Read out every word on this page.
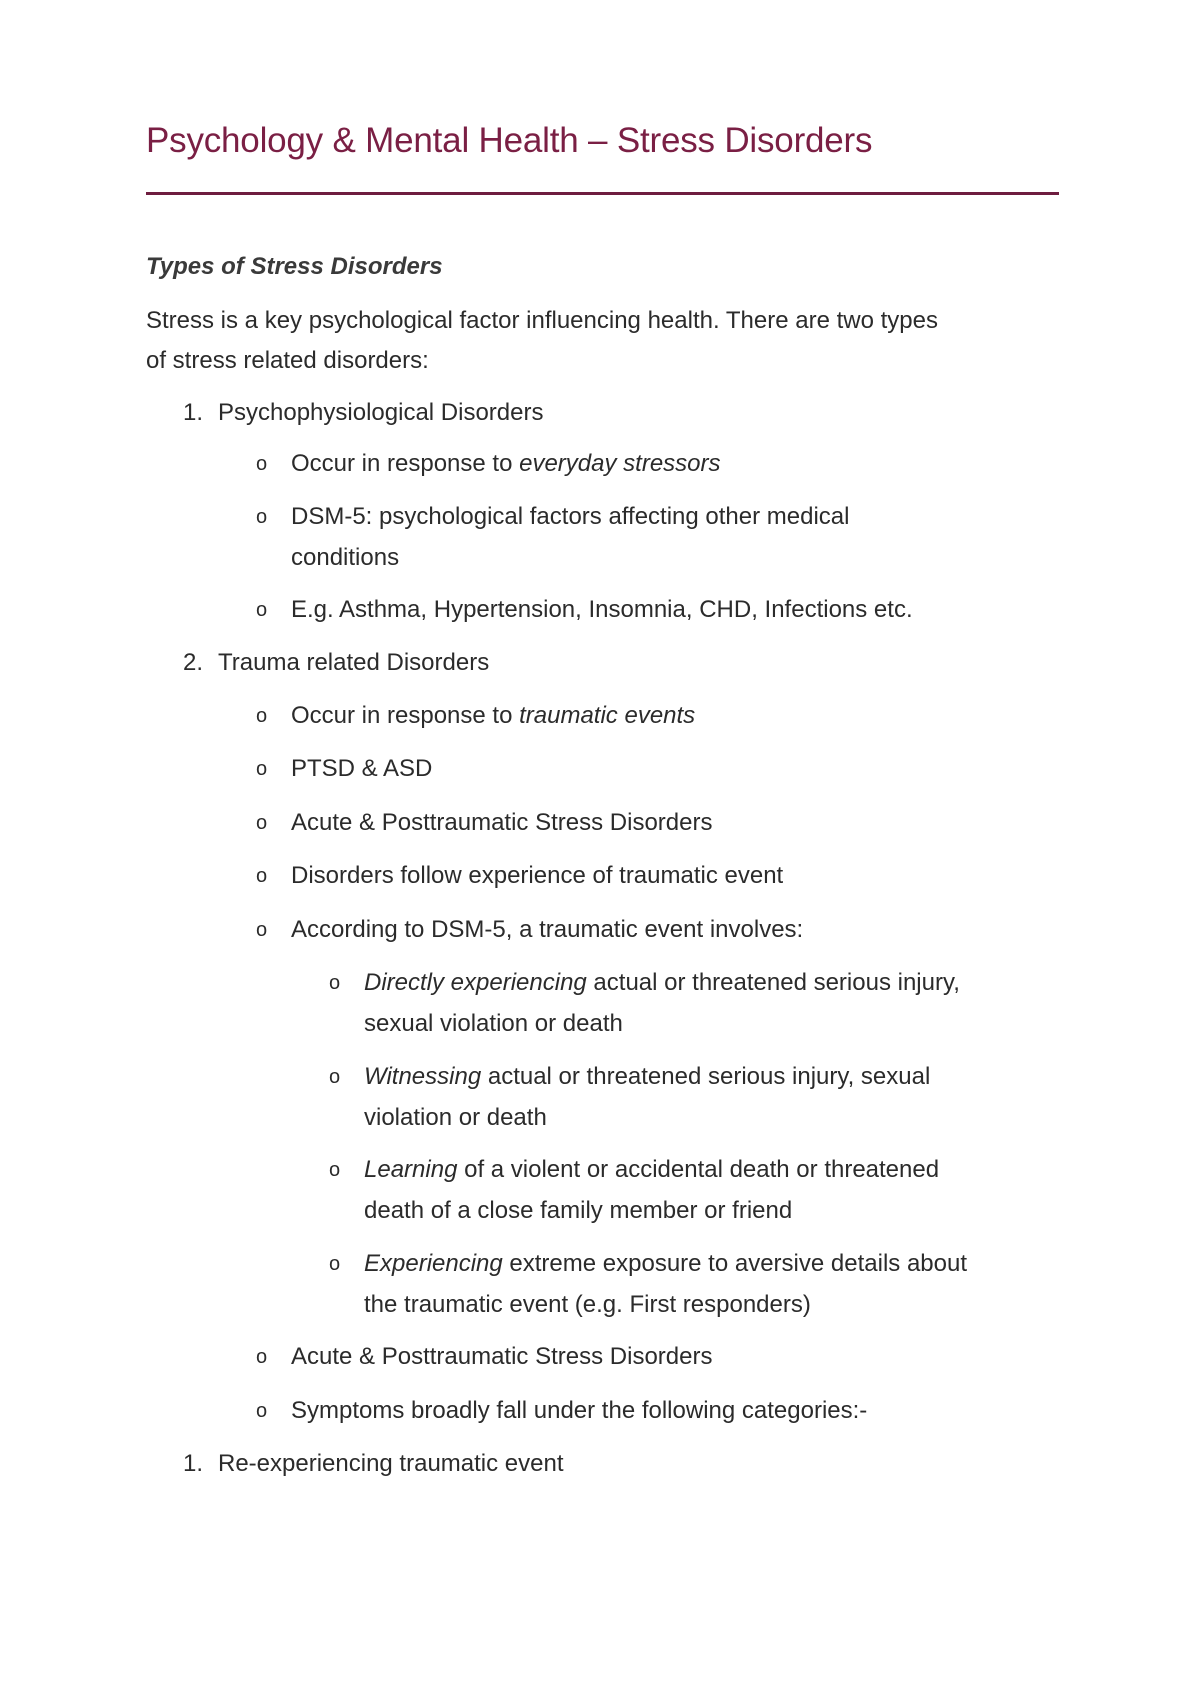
Psychology & Mental Health – Stress Disorders
Types of Stress Disorders
Stress is a key psychological factor influencing health. There are two types
of stress related disorders:
1. Psychophysiological Disorders
o Occur in response to everyday stressors
o DSM-5: psychological factors affecting other medical
conditions
o E.g. Asthma, Hypertension, Insomnia, CHD, Infections etc.
2. Trauma related Disorders
o Occur in response to traumatic events
o PTSD & ASD
o Acute & Posttraumatic Stress Disorders
o Disorders follow experience of traumatic event
o According to DSM-5, a traumatic event involves:
o Directly experiencing actual or threatened serious injury,
sexual violation or death
o Witnessing actual or threatened serious injury, sexual
violation or death
o Learning of a violent or accidental death or threatened
death of a close family member or friend
o Experiencing extreme exposure to aversive details about
the traumatic event (e.g. First responders)
o Acute & Posttraumatic Stress Disorders
o Symptoms broadly fall under the following categories:-
1. Re-experiencing traumatic event
